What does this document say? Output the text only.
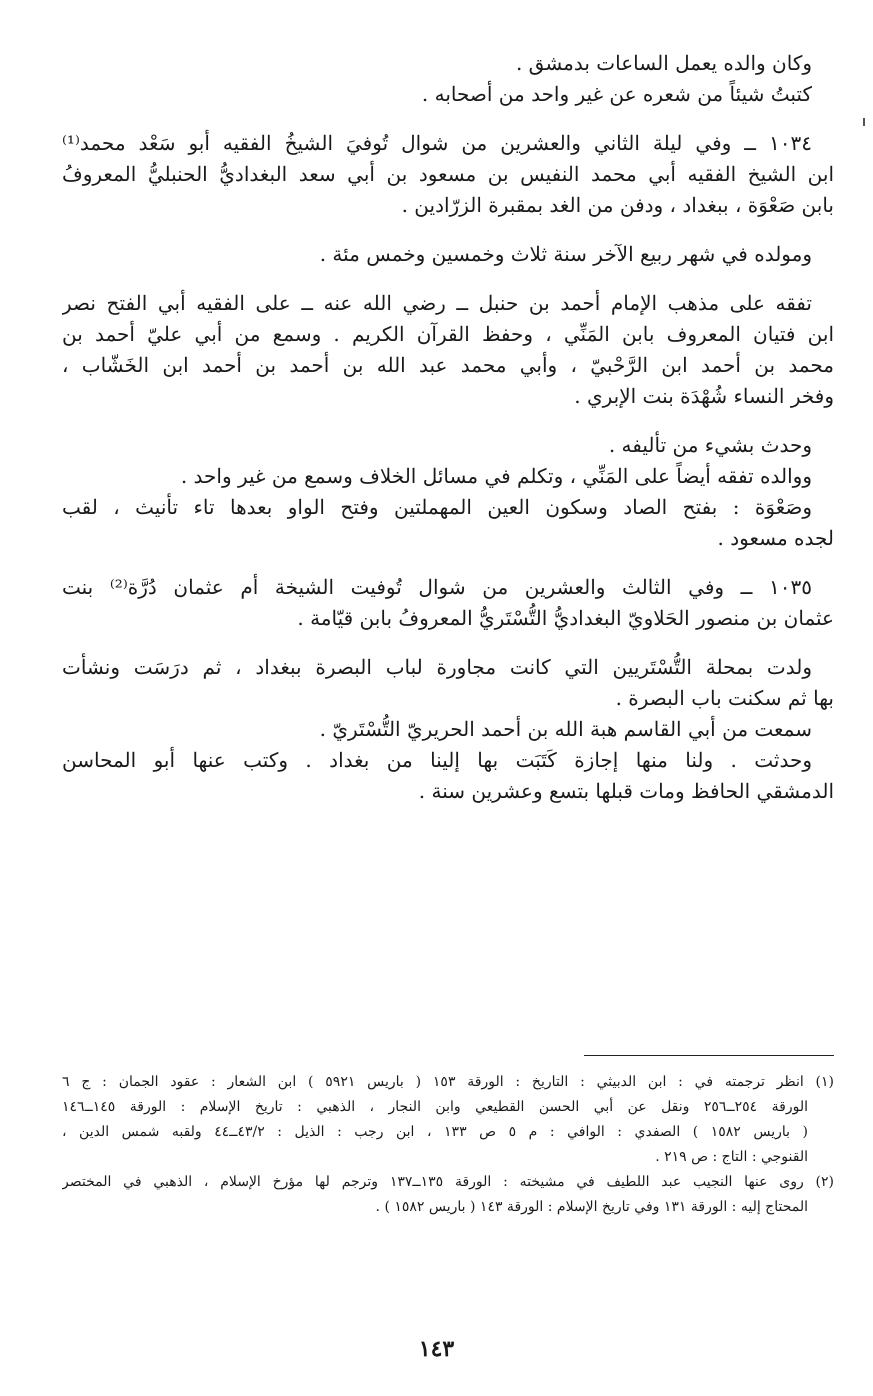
وكان والده يعمل الساعات بدمشق .
كتبتُ شيئاً من شعره عن غير واحد من أصحابه .
١٠٣٤ ــ وفي ليلة الثاني والعشرين من شوال تُوفيَ الشيخُ الفقيه أبو سَعْد محمد⁽¹⁾
ابن الشيخ الفقيه أبي محمد النفيس بن مسعود بن أبي سعد البغداديُّ الحنبليُّ المعروفُ
بابن صَعْوَة ، ببغداد ، ودفن من الغد بمقبرة الزرّادين .
ومولده في شهر ربيع الآخر سنة ثلاث وخمسين وخمس مئة .
تفقه على مذهب الإمام أحمد بن حنبل ــ رضي الله عنه ــ على الفقيه أبي الفتح نصر
ابن فتيان المعروف بابن المَنِّي ، وحفظ القرآن الكريم . وسمع من أبي عليّ أحمد بن
محمد بن أحمد ابن الرَّحْبيّ ، وأبي محمد عبد الله بن أحمد بن أحمد ابن الخَشّاب ،
وفخر النساء شُهْدَة بنت الإبري .
وحدث بشيء من تأليفه .
ووالده تفقه أيضاً على المَنِّي ، وتكلم في مسائل الخلاف وسمع من غير واحد .
وصَعْوَة : بفتح الصاد وسكون العين المهملتين وفتح الواو بعدها تاء تأنيث ، لقب
لجده مسعود .
١٠٣٥ ــ وفي الثالث والعشرين من شوال تُوفيت الشيخة أم عثمان دُرَّة⁽²⁾ بنت
عثمان بن منصور الحَلاويّ البغداديُّ التُّسْتَريُّ المعروفُ بابن قيّامة .
ولدت بمحلة التُّسْتَريين التي كانت مجاورة لباب البصرة ببغداد ، ثم درَسَت ونشأت
بها ثم سكنت باب البصرة .
سمعت من أبي القاسم هبة الله بن أحمد الحريريّ التُّسْتَريّ .
وحدثت . ولنا منها إجازة كَتَبَت بها إلينا من بغداد . وكتب عنها أبو المحاسن
الدمشقي الحافظ ومات قبلها بتسع وعشرين سنة .
(١) انظر ترجمته في : ابن الدبيثي : التاريخ : الورقة ١٥٣ ( باريس ٥٩٢١ ) ابن الشعار : عقود الجمان : ج ٦
الورقة ٢٥٤ــ٢٥٦ ونقل عن أبي الحسن القطيعي وابن النجار ، الذهبي : تاريخ الإسلام : الورقة ١٤٥ــ١٤٦
( باريس ١٥٨٢ ) الصفدي : الوافي : م ٥ ص ١٣٣ ، ابن رجب : الذيل : ٤٣/٢ــ٤٤ ولقبه شمس الدين ،
القنوجي : التاج : ص ٢١٩ .
(٢) روى عنها النجيب عبد اللطيف في مشيخته : الورقة ١٣٥ــ١٣٧ وترجم لها مؤرخ الإسلام ، الذهبي في المختصر
المحتاج إليه : الورقة ١٣١ وفي تاريخ الإسلام : الورقة ١٤٣ ( باريس ١٥٨٢ ) .
١٤٣
